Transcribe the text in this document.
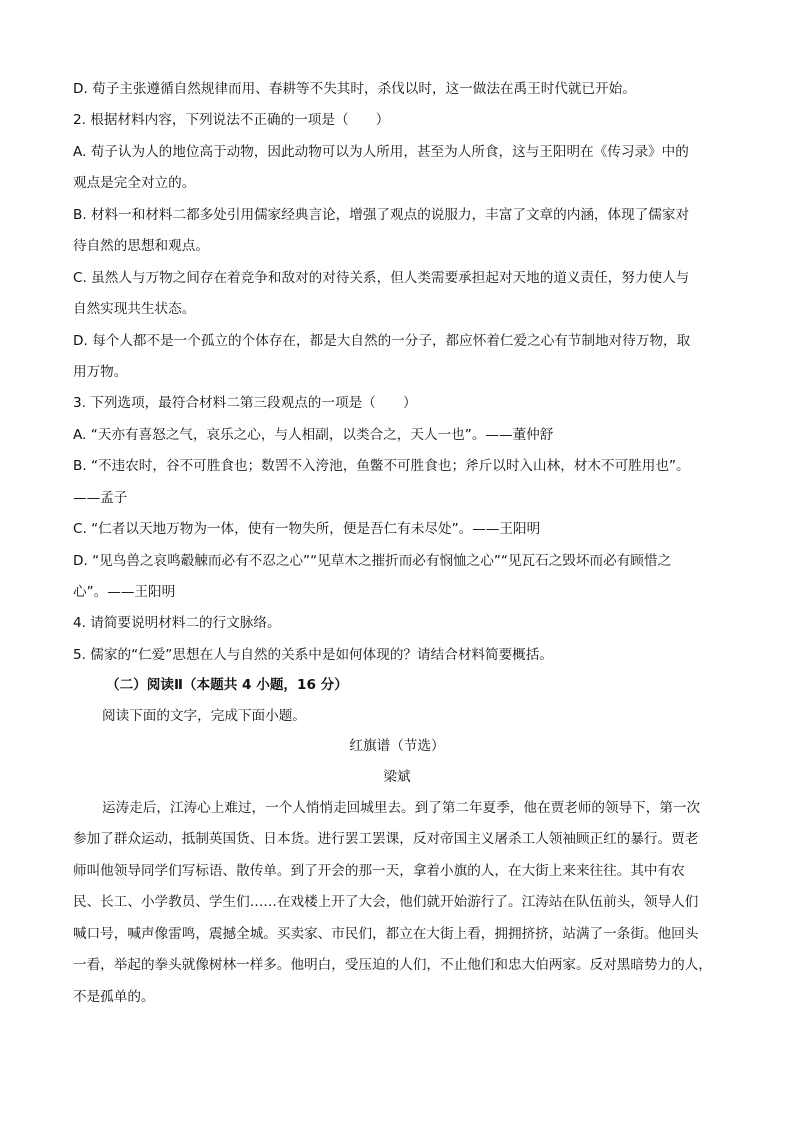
D. 荀子主张遵循自然规律而用、春耕等不失其时，杀伐以时，这一做法在禹王时代就已开始。
2. 根据材料内容，下列说法不正确的一项是（　　）
A. 荀子认为人的地位高于动物，因此动物可以为人所用，甚至为人所食，这与王阳明在《传习录》中的
观点是完全对立的。
B. 材料一和材料二都多处引用儒家经典言论，增强了观点的说服力，丰富了文章的内涵，体现了儒家对
待自然的思想和观点。
C. 虽然人与万物之间存在着竞争和敌对的对待关系，但人类需要承担起对天地的道义责任，努力使人与
自然实现共生状态。
D. 每个人都不是一个孤立的个体存在，都是大自然的一分子，都应怀着仁爱之心有节制地对待万物，取
用万物。
3. 下列选项，最符合材料二第三段观点的一项是（　　）
A. “天亦有喜怒之气，哀乐之心，与人相副，以类合之，天人一也”。——董仲舒
B. “不违农时，谷不可胜食也；数罟不入洿池，鱼鳖不可胜食也；斧斤以时入山林，材木不可胜用也”。
——孟子
C. “仁者以天地万物为一体，使有一物失所，便是吾仁有未尽处”。——王阳明
D. “见鸟兽之哀鸣觳觫而必有不忍之心”“见草木之摧折而必有悯恤之心”“见瓦石之毁坏而必有顾惜之
心”。——王阳明
4. 请简要说明材料二的行文脉络。
5. 儒家的“仁爱”思想在人与自然的关系中是如何体现的？请结合材料简要概括。
（二）阅读Ⅱ（本题共 4 小题，16 分）
阅读下面的文字，完成下面小题。
红旗谱（节选）
梁斌
运涛走后，江涛心上难过，一个人悄悄走回城里去。到了第二年夏季，他在贾老师的领导下，第一次
参加了群众运动，抵制英国货、日本货。进行罢工罢课，反对帝国主义屠杀工人领袖顾正红的暴行。贾老
师叫他领导同学们写标语、散传单。到了开会的那一天，拿着小旗的人，在大街上来来往往。其中有农
民、长工、小学教员、学生们……在戏楼上开了大会，他们就开始游行了。江涛站在队伍前头，领导人们
喊口号，喊声像雷鸣，震撼全城。买卖家、市民们，都立在大街上看，拥拥挤挤，站满了一条街。他回头
一看，举起的拳头就像树林一样多。他明白，受压迫的人们，不止他们和忠大伯两家。反对黑暗势力的人，
不是孤单的。
